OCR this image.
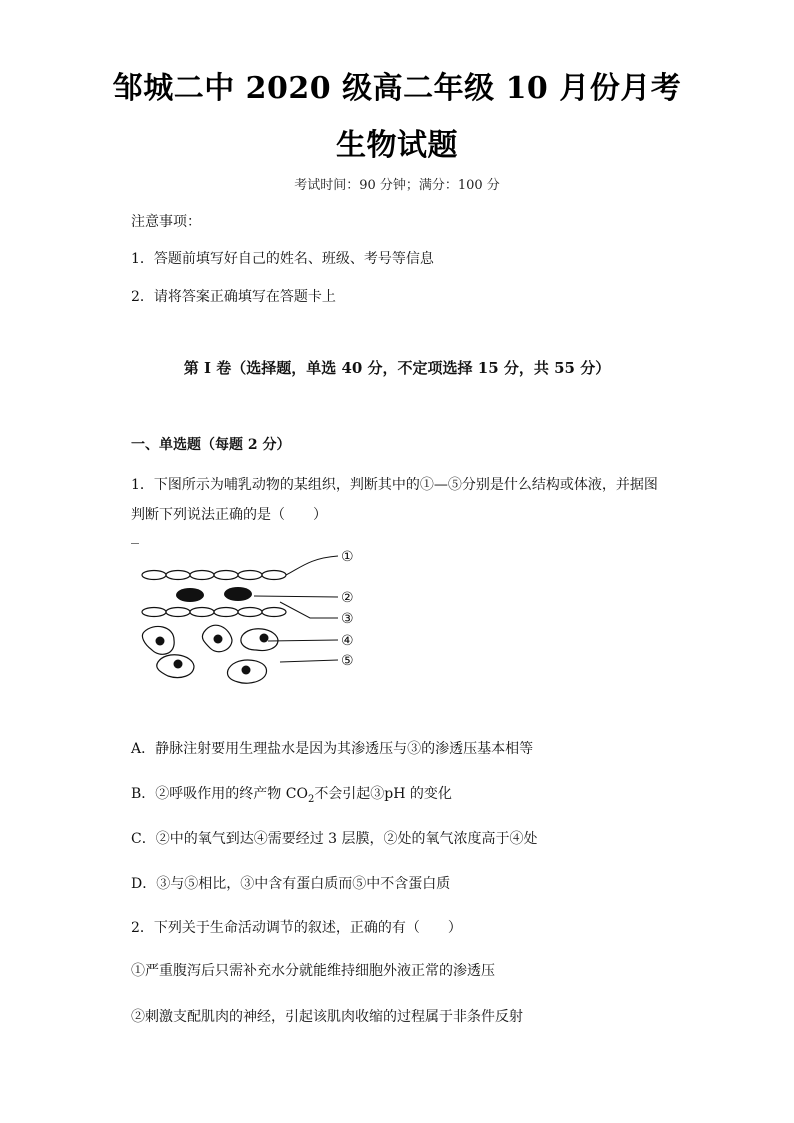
邹城二中 2020 级高二年级 10 月份月考
生物试题
考试时间：90 分钟；满分：100 分
注意事项：
1．答题前填写好自己的姓名、班级、考号等信息
2．请将答案正确填写在答题卡上
第 I 卷（选择题，单选 40 分，不定项选择 15 分，共 55 分）
一、单选题（每题 2 分）
1．下图所示为哺乳动物的某组织，判断其中的①—⑤分别是什么结构或体液，并据图
判断下列说法正确的是（　　）
①
②
③
④
⑤
A．静脉注射要用生理盐水是因为其渗透压与③的渗透压基本相等
B．②呼吸作用的终产物 $CO_2$不会引起③pH 的变化
C．②中的氧气到达④需要经过 3 层膜，②处的氧气浓度高于④处
D．③与⑤相比，③中含有蛋白质而⑤中不含蛋白质
2．下列关于生命活动调节的叙述，正确的有（　　）
①严重腹泻后只需补充水分就能维持细胞外液正常的渗透压
②刺激支配肌肉的神经，引起该肌肉收缩的过程属于非条件反射
